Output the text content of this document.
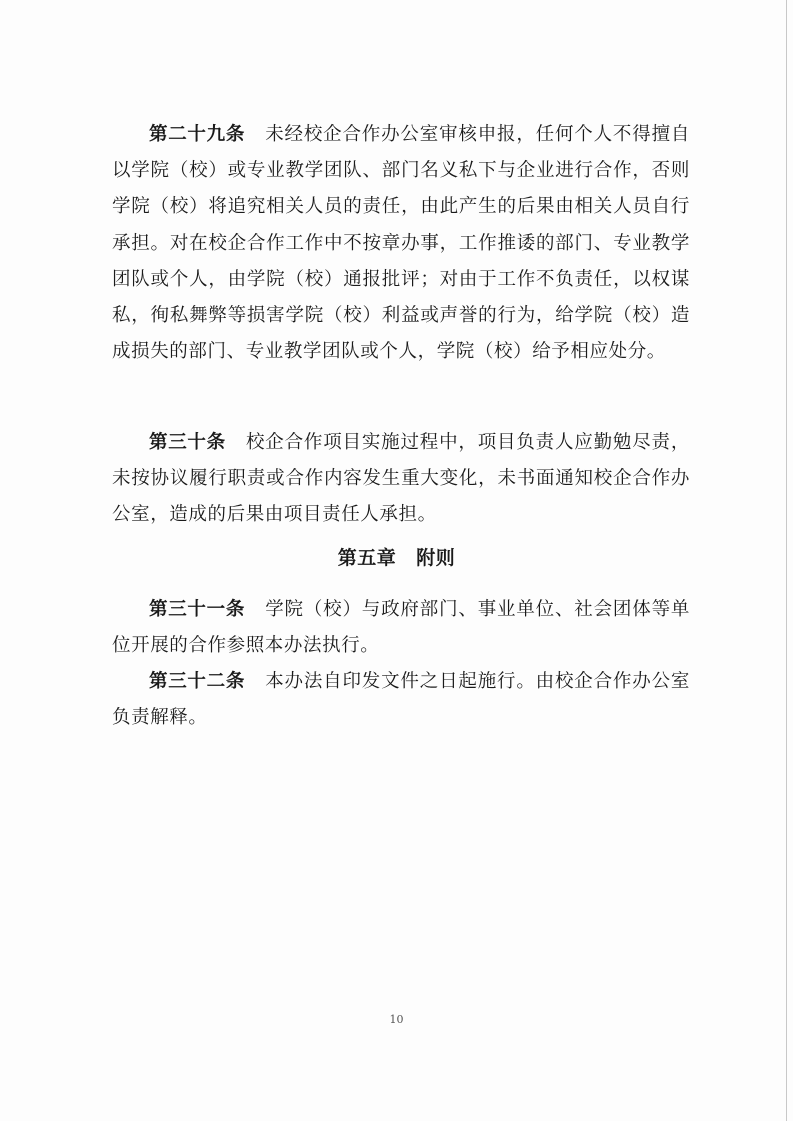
第二十九条 未经校企合作办公室审核申报，任何个人不得擅自以学院（校）或专业教学团队、部门名义私下与企业进行合作，否则学院（校）将追究相关人员的责任，由此产生的后果由相关人员自行承担。对在校企合作工作中不按章办事，工作推诿的部门、专业教学团队或个人，由学院（校）通报批评；对由于工作不负责任，以权谋私，徇私舞弊等损害学院（校）利益或声誉的行为，给学院（校）造成损失的部门、专业教学团队或个人，学院（校）给予相应处分。

第三十条 校企合作项目实施过程中，项目负责人应勤勉尽责，未按协议履行职责或合作内容发生重大变化，未书面通知校企合作办公室，造成的后果由项目责任人承担。

第五章 附则

第三十一条 学院（校）与政府部门、事业单位、社会团体等单位开展的合作参照本办法执行。

第三十二条 本办法自印发文件之日起施行。由校企合作办公室负责解释。

10
